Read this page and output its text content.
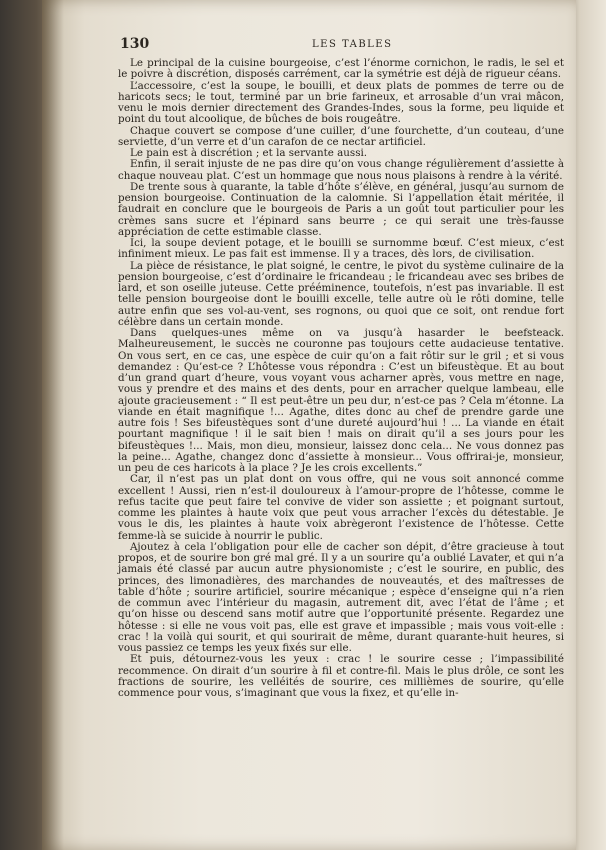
130	LES TABLES

Le principal de la cuisine bourgeoise, c’est l’énorme cornichon, le radis, le sel et le poivre à discrétion, disposés carrément, car la symétrie est déjà de rigueur céans.

L’accessoire, c’est la soupe, le bouilli, et deux plats de pommes de terre ou de haricots secs; le tout, terminé par un brie farineux, et arrosable d’un vrai mâcon, venu le mois dernier directement des Grandes-Indes, sous la forme, peu liquide et point du tout alcoolique, de bûches de bois rougeâtre.

Chaque couvert se compose d’une cuiller, d’une fourchette, d’un couteau, d’une serviette, d’un verre et d’un carafon de ce nectar artificiel.

Le pain est à discrétion ; et la servante aussi.

Enfin, il serait injuste de ne pas dire qu’on vous change régulièrement d’assiette à chaque nouveau plat. C’est un hommage que nous nous plaisons à rendre à la vérité.

De trente sous à quarante, la table d’hôte s’élève, en général, jusqu’au surnom de pension bourgeoise. Continuation de la calomnie. Si l’appellation était méritée, il faudrait en conclure que le bourgeois de Paris a un goût tout particulier pour les crèmes sans sucre et l’épinard sans beurre ; ce qui serait une très-fausse appréciation de cette estimable classe.

Ici, la soupe devient potage, et le bouilli se surnomme bœuf. C’est mieux, c’est infiniment mieux. Le pas fait est immense. Il y a traces, dès lors, de civilisation.

La pièce de résistance, le plat soigné, le centre, le pivot du système culinaire de la pension bourgeoise, c’est d’ordinaire le fricandeau ; le fricandeau avec ses bribes de lard, et son oseille juteuse. Cette prééminence, toutefois, n’est pas invariable. Il est telle pension bourgeoise dont le bouilli excelle, telle autre où le rôti domine, telle autre enfin que ses vol-au-vent, ses rognons, ou quoi que ce soit, ont rendue fort célèbre dans un certain monde.

Dans quelques-unes même on va jusqu’à hasarder le beefsteack. Malheureusement, le succès ne couronne pas toujours cette audacieuse tentative. On vous sert, en ce cas, une espèce de cuir qu’on a fait rôtir sur le gril ; et si vous demandez : Qu’est-ce ? L’hôtesse vous répondra : C’est un bifeustèque. Et au bout d’un grand quart d’heure, vous voyant vous acharner après, vous mettre en nage, vous y prendre et des mains et des dents, pour en arracher quelque lambeau, elle ajoute gracieusement : “ Il est peut-être un peu dur, n’est-ce pas ? Cela m’étonne. La viande en était magnifique !... Agathe, dites donc au chef de prendre garde une autre fois ! Ses bifeustèques sont d’une dureté aujourd’hui ! ... La viande en était pourtant magnifique ! il le sait bien ! mais on dirait qu’il a ses jours pour les bifeustèques !... Mais, mon dieu, monsieur, laissez donc cela... Ne vous donnez pas la peine... Agathe, changez donc d’assiette à monsieur... Vous offrirai-je, monsieur, un peu de ces haricots à la place ? Je les crois excellents.”

Car, il n’est pas un plat dont on vous offre, qui ne vous soit annoncé comme excellent ! Aussi, rien n’est-il douloureux à l’amour-propre de l’hôtesse, comme le refus tacite que peut faire tel convive de vider son assiette ; et poignant surtout, comme les plaintes à haute voix que peut vous arracher l’excès du détestable. Je vous le dis, les plaintes à haute voix abrègeront l’existence de l’hôtesse. Cette femme-là se suicide à nourrir le public.

Ajoutez à cela l’obligation pour elle de cacher son dépit, d’être gracieuse à tout propos, et de sourire bon gré mal gré. Il y a un sourire qu’a oublié Lavater, et qui n’a jamais été classé par aucun autre physionomiste ; c’est le sourire, en public, des princes, des limonadières, des marchandes de nouveautés, et des maîtresses de table d’hôte ; sourire artificiel, sourire mécanique ; espèce d’enseigne qui n’a rien de commun avec l’intérieur du magasin, autrement dit, avec l’état de l’âme ; et qu’on hisse ou descend sans motif autre que l’opportunité présente. Regardez une hôtesse : si elle ne vous voit pas, elle est grave et impassible ; mais vous voit-elle : crac ! la voilà qui sourit, et qui sourirait de même, durant quarante-huit heures, si vous passiez ce temps les yeux fixés sur elle.

Et puis, détournez-vous les yeux : crac ! le sourire cesse ; l’impassibilité recommence. On dirait d’un sourire à fil et contre-fil. Mais le plus drôle, ce sont les fractions de sourire, les velléités de sourire, ces millièmes de sourire, qu’elle commence pour vous, s’imaginant que vous la fixez, et qu’elle in-
